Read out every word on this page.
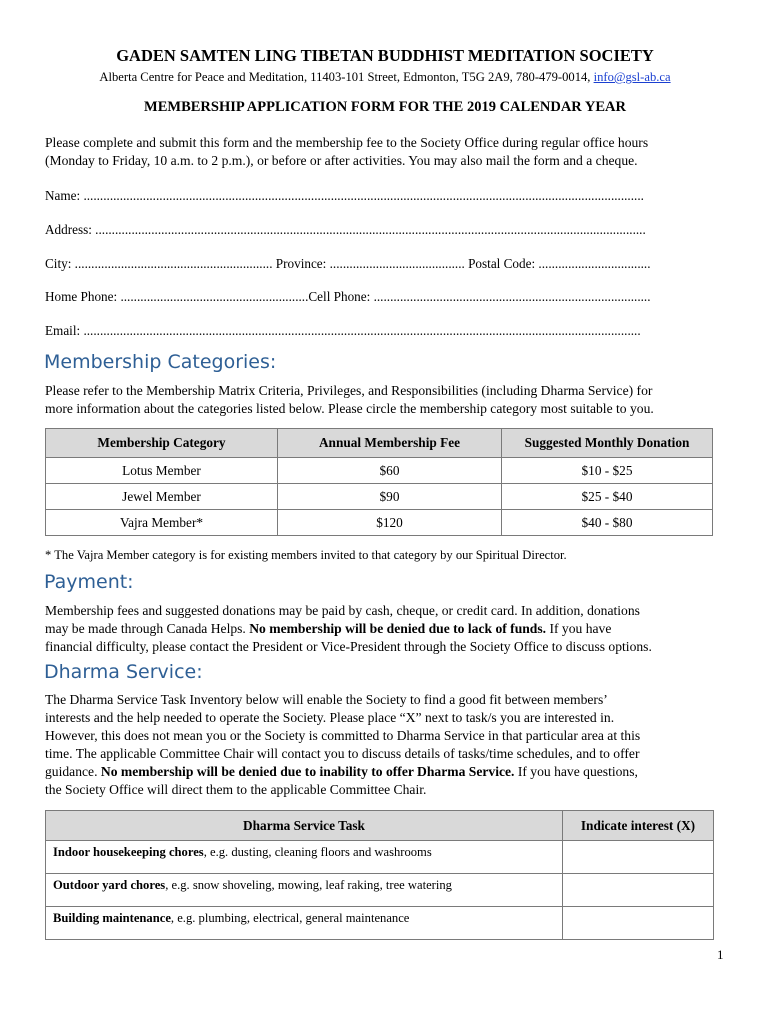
GADEN SAMTEN LING TIBETAN BUDDHIST MEDITATION SOCIETY
Alberta Centre for Peace and Meditation, 11403-101 Street, Edmonton, T5G 2A9, 780-479-0014, info@gsl-ab.ca
MEMBERSHIP APPLICATION FORM FOR THE 2019 CALENDAR YEAR
Please complete and submit this form and the membership fee to the Society Office during regular office hours
(Monday to Friday, 10 a.m. to 2 p.m.), or before or after activities. You may also mail the form and a cheque.
Name: ..........................................................................................................................................................................
Address: .......................................................................................................................................................................
City: ............................................................ Province: ......................................... Postal Code: ..................................
Home Phone: .........................................................Cell Phone: ....................................................................................
Email: .........................................................................................................................................................................
Membership Categories:
Please refer to the Membership Matrix Criteria, Privileges, and Responsibilities (including Dharma Service) for
more information about the categories listed below. Please circle the membership category most suitable to you.
Membership Category	Annual Membership Fee	Suggested Monthly Donation
Lotus Member	$60	$10 - $25
Jewel Member	$90	$25 - $40
Vajra Member*	$120	$40 - $80
* The Vajra Member category is for existing members invited to that category by our Spiritual Director.
Payment:
Membership fees and suggested donations may be paid by cash, cheque, or credit card. In addition, donations
may be made through Canada Helps. No membership will be denied due to lack of funds. If you have
financial difficulty, please contact the President or Vice-President through the Society Office to discuss options.
Dharma Service:
The Dharma Service Task Inventory below will enable the Society to find a good fit between members’
interests and the help needed to operate the Society. Please place “X” next to task/s you are interested in.
However, this does not mean you or the Society is committed to Dharma Service in that particular area at this
time. The applicable Committee Chair will contact you to discuss details of tasks/time schedules, and to offer
guidance. No membership will be denied due to inability to offer Dharma Service. If you have questions,
the Society Office will direct them to the applicable Committee Chair.
Dharma Service Task	Indicate interest (X)
Indoor housekeeping chores, e.g. dusting, cleaning floors and washrooms	
Outdoor yard chores, e.g. snow shoveling, mowing, leaf raking, tree watering	
Building maintenance, e.g. plumbing, electrical, general maintenance	
1
